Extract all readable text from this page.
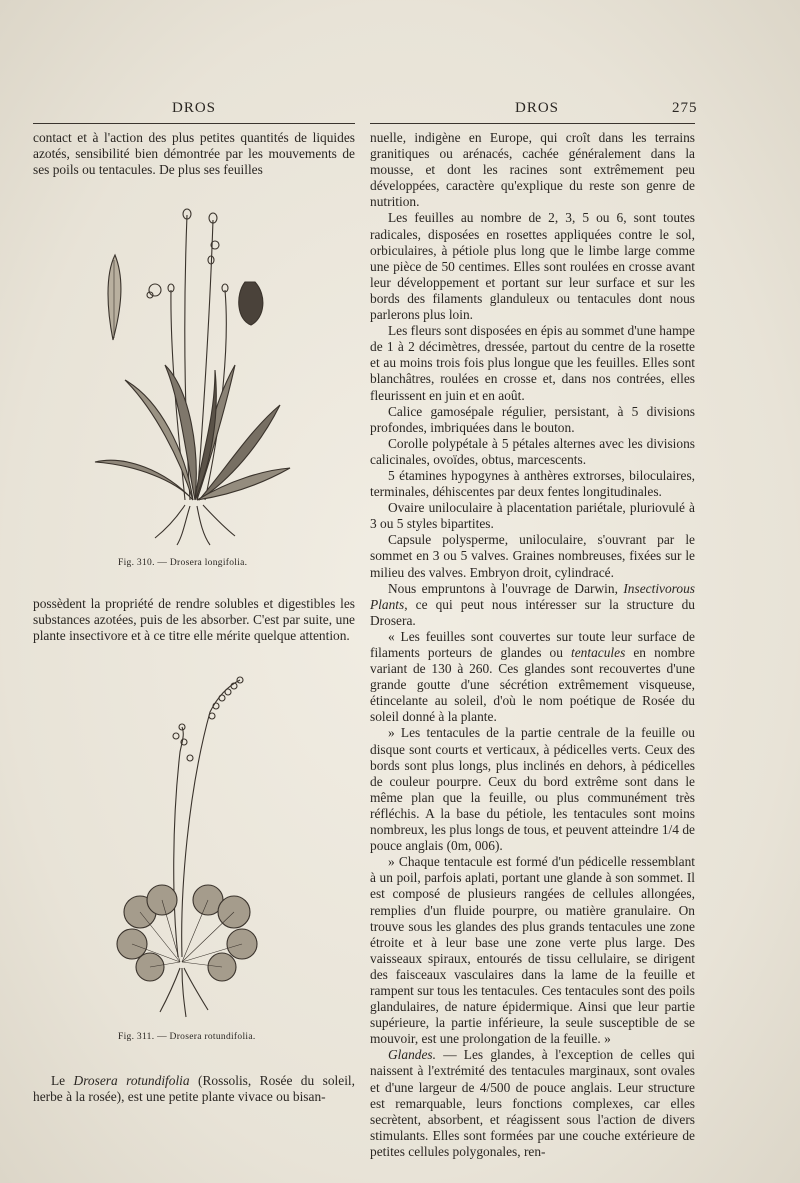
DROS	DROS	275

contact et à l'action des plus petites quantités de liquides azotés, sensibilité bien démontrée par les mouvements de ses poils ou tentacules. De plus ses feuilles

Fig. 310. — Drosera longifolia.

possèdent la propriété de rendre solubles et digestibles les substances azotées, puis de les absorber. C'est par suite, une plante insectivore et à ce titre elle mérite quelque attention.

Fig. 311. — Drosera rotundifolia.

Le Drosera rotundifolia (Rossolis, Rosée du soleil, herbe à la rosée), est une petite plante vivace ou bisan-

nuelle, indigène en Europe, qui croît dans les terrains granitiques ou arénacés, cachée généralement dans la mousse, et dont les racines sont extrêmement peu développées, caractère qu'explique du reste son genre de nutrition.

Les feuilles au nombre de 2, 3, 5 ou 6, sont toutes radicales, disposées en rosettes appliquées contre le sol, orbiculaires, à pétiole plus long que le limbe large comme une pièce de 50 centimes. Elles sont roulées en crosse avant leur développement et portant sur leur surface et sur les bords des filaments glanduleux ou tentacules dont nous parlerons plus loin.

Les fleurs sont disposées en épis au sommet d'une hampe de 1 à 2 décimètres, dressée, partout du centre de la rosette et au moins trois fois plus longue que les feuilles. Elles sont blanchâtres, roulées en crosse et, dans nos contrées, elles fleurissent en juin et en août.

Calice gamosépale régulier, persistant, à 5 divisions profondes, imbriquées dans le bouton.

Corolle polypétale à 5 pétales alternes avec les divisions calicinales, ovoïdes, obtus, marcescents.

5 étamines hypogynes à anthères extrorses, biloculaires, terminales, déhiscentes par deux fentes longitudinales.

Ovaire uniloculaire à placentation pariétale, pluriovulé à 3 ou 5 styles bipartites.

Capsule polysperme, uniloculaire, s'ouvrant par le sommet en 3 ou 5 valves. Graines nombreuses, fixées sur le milieu des valves. Embryon droit, cylindracé.

Nous empruntons à l'ouvrage de Darwin, Insectivorous Plants, ce qui peut nous intéresser sur la structure du Drosera.

« Les feuilles sont couvertes sur toute leur surface de filaments porteurs de glandes ou tentacules en nombre variant de 130 à 260. Ces glandes sont recouvertes d'une grande goutte d'une sécrétion extrêmement visqueuse, étincelante au soleil, d'où le nom poétique de Rosée du soleil donné à la plante.

» Les tentacules de la partie centrale de la feuille ou disque sont courts et verticaux, à pédicelles verts. Ceux des bords sont plus longs, plus inclinés en dehors, à pédicelles de couleur pourpre. Ceux du bord extrême sont dans le même plan que la feuille, ou plus communément très réfléchis. A la base du pétiole, les tentacules sont moins nombreux, les plus longs de tous, et peuvent atteindre 1/4 de pouce anglais (0m, 006).

» Chaque tentacule est formé d'un pédicelle ressemblant à un poil, parfois aplati, portant une glande à son sommet. Il est composé de plusieurs rangées de cellules allongées, remplies d'un fluide pourpre, ou matière granulaire. On trouve sous les glandes des plus grands tentacules une zone étroite et à leur base une zone verte plus large. Des vaisseaux spiraux, entourés de tissu cellulaire, se dirigent des faisceaux vasculaires dans la lame de la feuille et rampent sur tous les tentacules. Ces tentacules sont des poils glandulaires, de nature épidermique. Ainsi que leur partie supérieure, la partie inférieure, la seule susceptible de se mouvoir, est une prolongation de la feuille. »

Glandes. — Les glandes, à l'exception de celles qui naissent à l'extrémité des tentacules marginaux, sont ovales et d'une largeur de 4/500 de pouce anglais. Leur structure est remarquable, leurs fonctions complexes, car elles secrètent, absorbent, et réagissent sous l'action de divers stimulants. Elles sont formées par une couche extérieure de petites cellules polygonales, ren-
